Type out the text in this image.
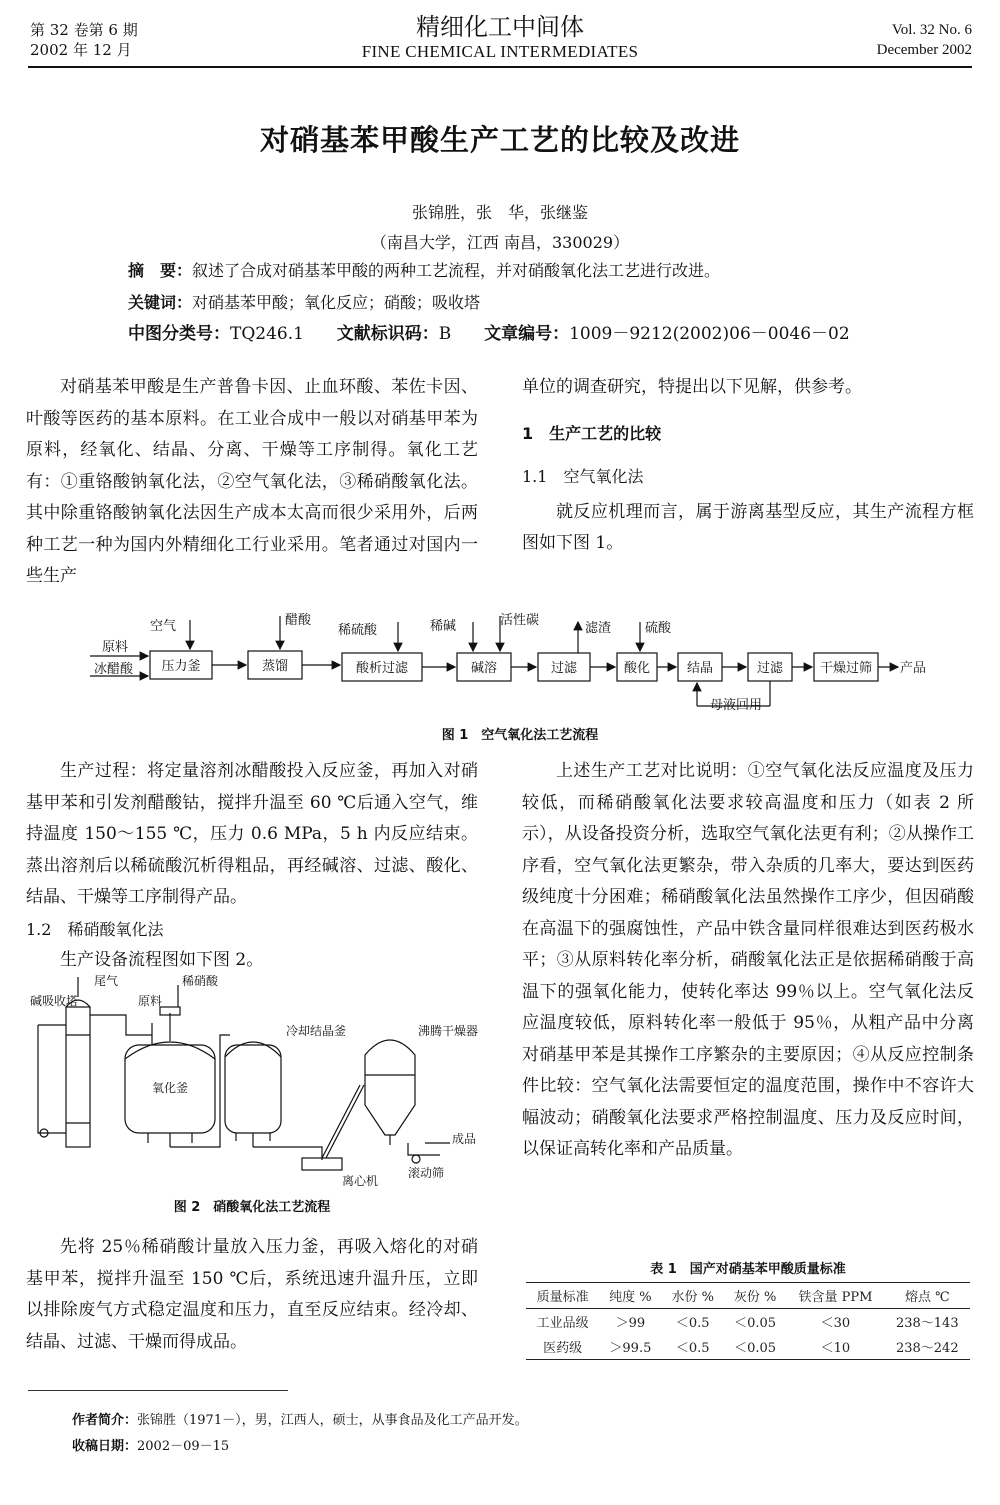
第 32 卷第 6 期
2002 年 12 月
精细化工中间体
FINE CHEMICAL INTERMEDIATES
Vol. 32 No. 6
December 2002
对硝基苯甲酸生产工艺的比较及改进
张锦胜，张　华，张继鉴
（南昌大学，江西 南昌，330029）
摘　要：叙述了合成对硝基苯甲酸的两种工艺流程，并对硝酸氧化法工艺进行改进。
关键词：对硝基苯甲酸；氧化反应；硝酸；吸收塔
中图分类号：TQ246.1 文献标识码：B 文章编号：1009－9212(2002)06－0046－02

对硝基苯甲酸是生产普鲁卡因、止血环酸、苯佐卡因、叶酸等医药的基本原料。在工业合成中一般以对硝基甲苯为原料，经氧化、结晶、分离、干燥等工序制得。氧化工艺有：①重铬酸钠氧化法，②空气氧化法，③稀硝酸氧化法。其中除重铬酸钠氧化法因生产成本太高而很少采用外，后两种工艺一种为国内外精细化工行业采用。笔者通过对国内一些生产

单位的调查研究，特提出以下见解，供参考。
1　生产工艺的比较
1.1　空气氧化法

就反应机理而言，属于游离基型反应，其生产流程方框图如下图 1。

原料
冰醋酸 压力釜	蒸馏	酸析过滤	碱溶	过滤	酸化	结晶	过滤	干燥过筛 产品
空气	醋酸
稀硫酸	稀碱	活性碳
滤渣	硫酸
母液回用
图 1　空气氧化法工艺流程

生产过程：将定量溶剂冰醋酸投入反应釜，再加入对硝基甲苯和引发剂醋酸钴，搅拌升温至 60 ℃后通入空气，维持温度 150～155 ℃，压力 0.6 MPa，5 h 内反应结束。蒸出溶剂后以稀硫酸沉析得粗品，再经碱溶、过滤、酸化、结晶、干燥等工序制得产品。

1.2　稀硝酸氧化法

生产设备流程图如下图 2。

尾气
原料
稀硝酸
碱吸收塔
氧化釜
冷却结晶釜	沸腾干燥器
成品
滚动筛
离心机
图 2　硝酸氧化法工艺流程

先将 25％稀硝酸计量放入压力釜，再吸入熔化的对硝基甲苯，搅拌升温至 150 ℃后，系统迅速升温升压，立即以排除废气方式稳定温度和压力，直至反应结束。经冷却、结晶、过滤、干燥而得成品。

上述生产工艺对比说明：①空气氧化法反应温度及压力较低，而稀硝酸氧化法要求较高温度和压力（如表 2 所示），从设备投资分析，选取空气氧化法更有利；②从操作工序看，空气氧化法更繁杂，带入杂质的几率大，要达到医药级纯度十分困难；稀硝酸氧化法虽然操作工序少，但因硝酸在高温下的强腐蚀性，产品中铁含量同样很难达到医药极水平；③从原料转化率分析，硝酸氧化法正是依据稀硝酸于高温下的强氧化能力，使转化率达 99％以上。空气氧化法反应温度较低，原料转化率一般低于 95％，从粗产品中分离对硝基甲苯是其操作工序繁杂的主要原因；④从反应控制条件比较：空气氧化法需要恒定的温度范围，操作中不容许大幅波动；硝酸氧化法要求严格控制温度、压力及反应时间，以保证高转化率和产品质量。

表 1　国产对硝基苯甲酸质量标准
质量标准	纯度 %	水份 %	灰份 %	铁含量 PPM	熔点 ℃
工业品级	＞99	＜0.5	＜0.05	＜30	238～143
医药级	＞99.5	＜0.5	＜0.05	＜10	238～242
作者简介：张锦胜（1971－），男，江西人，硕士，从事食品及化工产品开发。
收稿日期：2002－09－15
